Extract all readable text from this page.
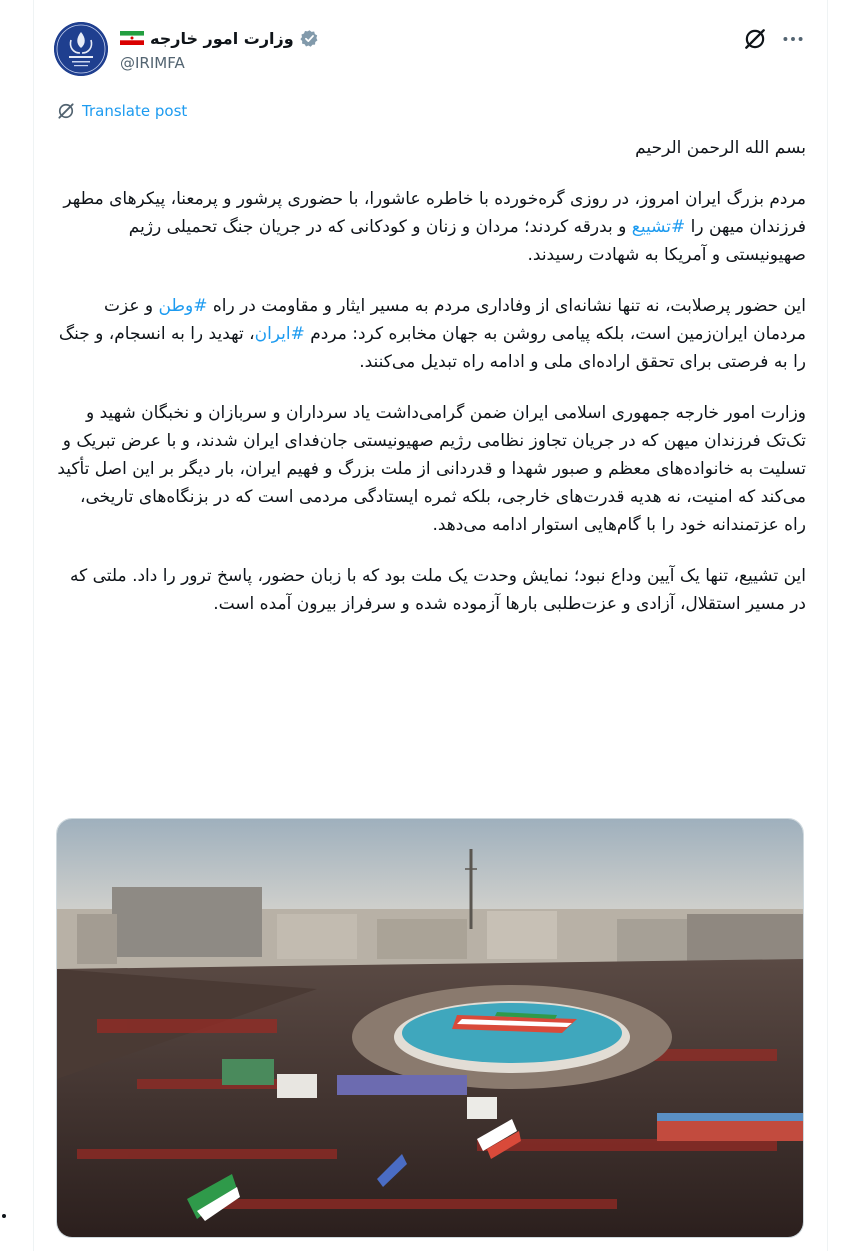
وزارت امور خارجه
@IRIMFA
Translate post

بسم الله الرحمن الرحیم

مردم بزرگ ایران امروز، در روزی گره‌خورده با خاطره عاشورا، با حضوری پرشور و پرمعنا، پیکرهای مطهر فرزندان میهن را #تشییع و بدرقه کردند؛ مردان و زنان و کودکانی که در جریان جنگ تحمیلی رژیم صهیونیستی و آمریکا به شهادت رسیدند.

این حضور پرصلابت، نه تنها نشانه‌ای از وفاداری مردم به مسیر ایثار و مقاومت در راه #وطن و عزت مردمان ایران‌زمین است، بلکه پیامی روشن به جهان مخابره کرد: مردم #ایران، تهدید را به انسجام، و جنگ را به فرصتی برای تحقق اراده‌ای ملی و ادامه راه تبدیل می‌کنند.

وزارت امور خارجه جمهوری اسلامی ایران ضمن گرامی‌داشت یاد سرداران و سربازان و نخبگان شهید و تک‌تک فرزندان میهن که در جریان تجاوز نظامی رژیم صهیونیستی جان‌فدای ایران شدند، و با عرض تبریک و تسلیت به خانواده‌های معظم و صبور شهدا و قدردانی از ملت بزرگ و فهیم ایران، بار دیگر بر این اصل تأکید می‌کند که امنیت، نه هدیه قدرت‌های خارجی، بلکه ثمره ایستادگی مردمی است که در بزنگاه‌های تاریخی، راه عزتمندانه خود را با گام‌هایی استوار ادامه می‌دهد.

این تشییع، تنها یک آیین وداع نبود؛ نمایش وحدت یک ملت بود که با زبان حضور، پاسخ ترور را داد. ملتی که در مسیر استقلال، آزادی و عزت‌طلبی بارها آزموده شده و سرفراز بیرون آمده است.
